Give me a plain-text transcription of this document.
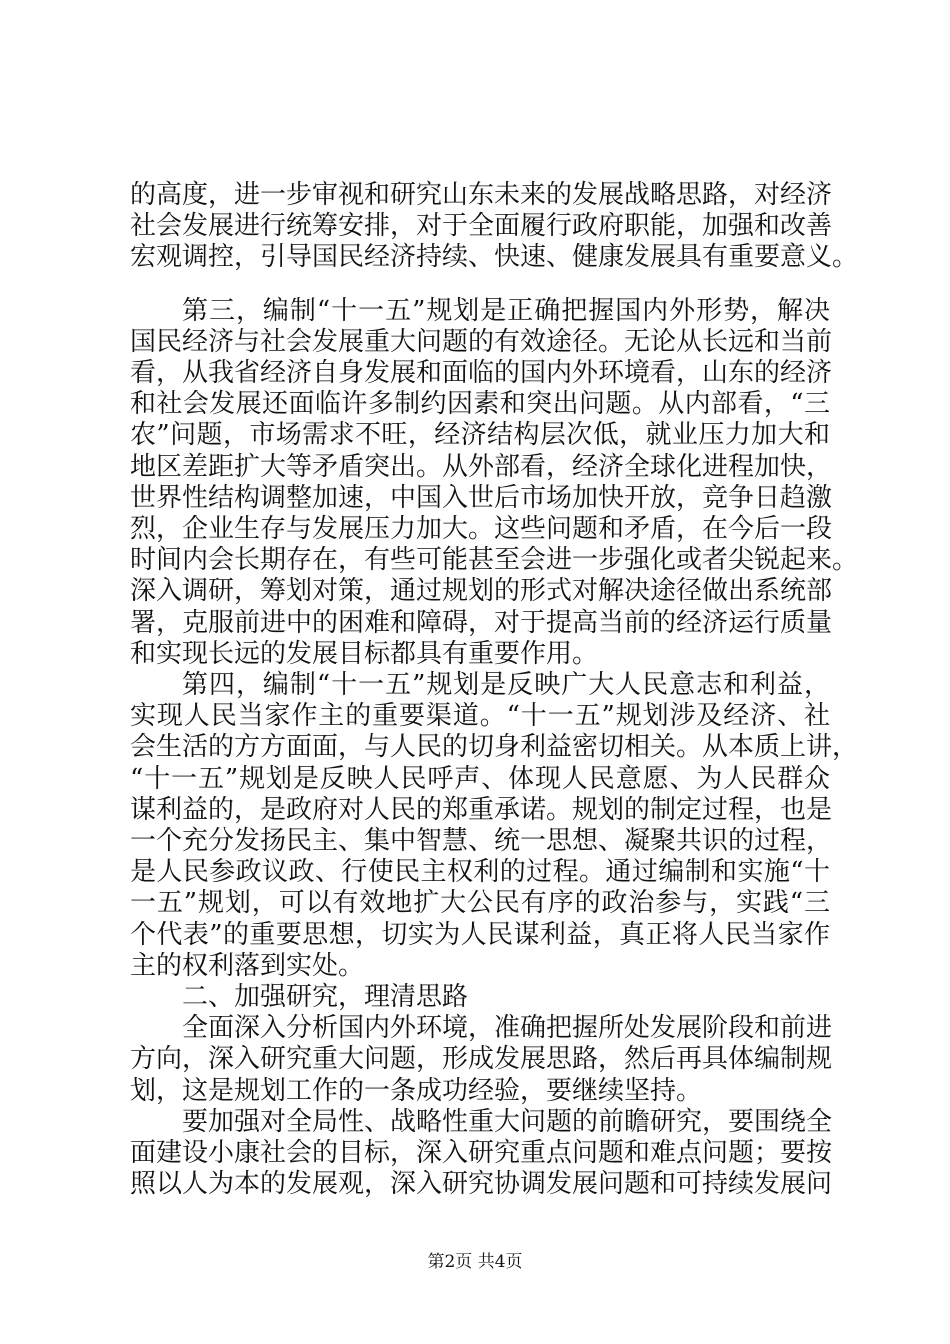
的高度，进一步审视和研究山东未来的发展战略思路，对经济
社会发展进行统筹安排，对于全面履行政府职能，加强和改善
宏观调控，引导国民经济持续、快速、健康发展具有重要意义。
第三，编制“十一五”规划是正确把握国内外形势，解决
国民经济与社会发展重大问题的有效途径。无论从长远和当前
看，从我省经济自身发展和面临的国内外环境看，山东的经济
和社会发展还面临许多制约因素和突出问题。从内部看，“三
农”问题，市场需求不旺，经济结构层次低，就业压力加大和
地区差距扩大等矛盾突出。从外部看，经济全球化进程加快，
世界性结构调整加速，中国入世后市场加快开放，竞争日趋激
烈，企业生存与发展压力加大。这些问题和矛盾，在今后一段
时间内会长期存在，有些可能甚至会进一步强化或者尖锐起来。
深入调研，筹划对策，通过规划的形式对解决途径做出系统部
署，克服前进中的困难和障碍，对于提高当前的经济运行质量
和实现长远的发展目标都具有重要作用。
第四，编制“十一五”规划是反映广大人民意志和利益，
实现人民当家作主的重要渠道。“十一五”规划涉及经济、社
会生活的方方面面，与人民的切身利益密切相关。从本质上讲，
“十一五”规划是反映人民呼声、体现人民意愿、为人民群众
谋利益的，是政府对人民的郑重承诺。规划的制定过程，也是
一个充分发扬民主、集中智慧、统一思想、凝聚共识的过程，
是人民参政议政、行使民主权利的过程。通过编制和实施“十
一五”规划，可以有效地扩大公民有序的政治参与，实践“三
个代表”的重要思想，切实为人民谋利益，真正将人民当家作
主的权利落到实处。
二、加强研究，理清思路
全面深入分析国内外环境，准确把握所处发展阶段和前进
方向，深入研究重大问题，形成发展思路，然后再具体编制规
划，这是规划工作的一条成功经验，要继续坚持。
第2页 共4页
要加强对全局性、战略性重大问题的前瞻研究，要围绕全
面建设小康社会的目标，深入研究重点问题和难点问题；要按
照以人为本的发展观，深入研究协调发展问题和可持续发展问
